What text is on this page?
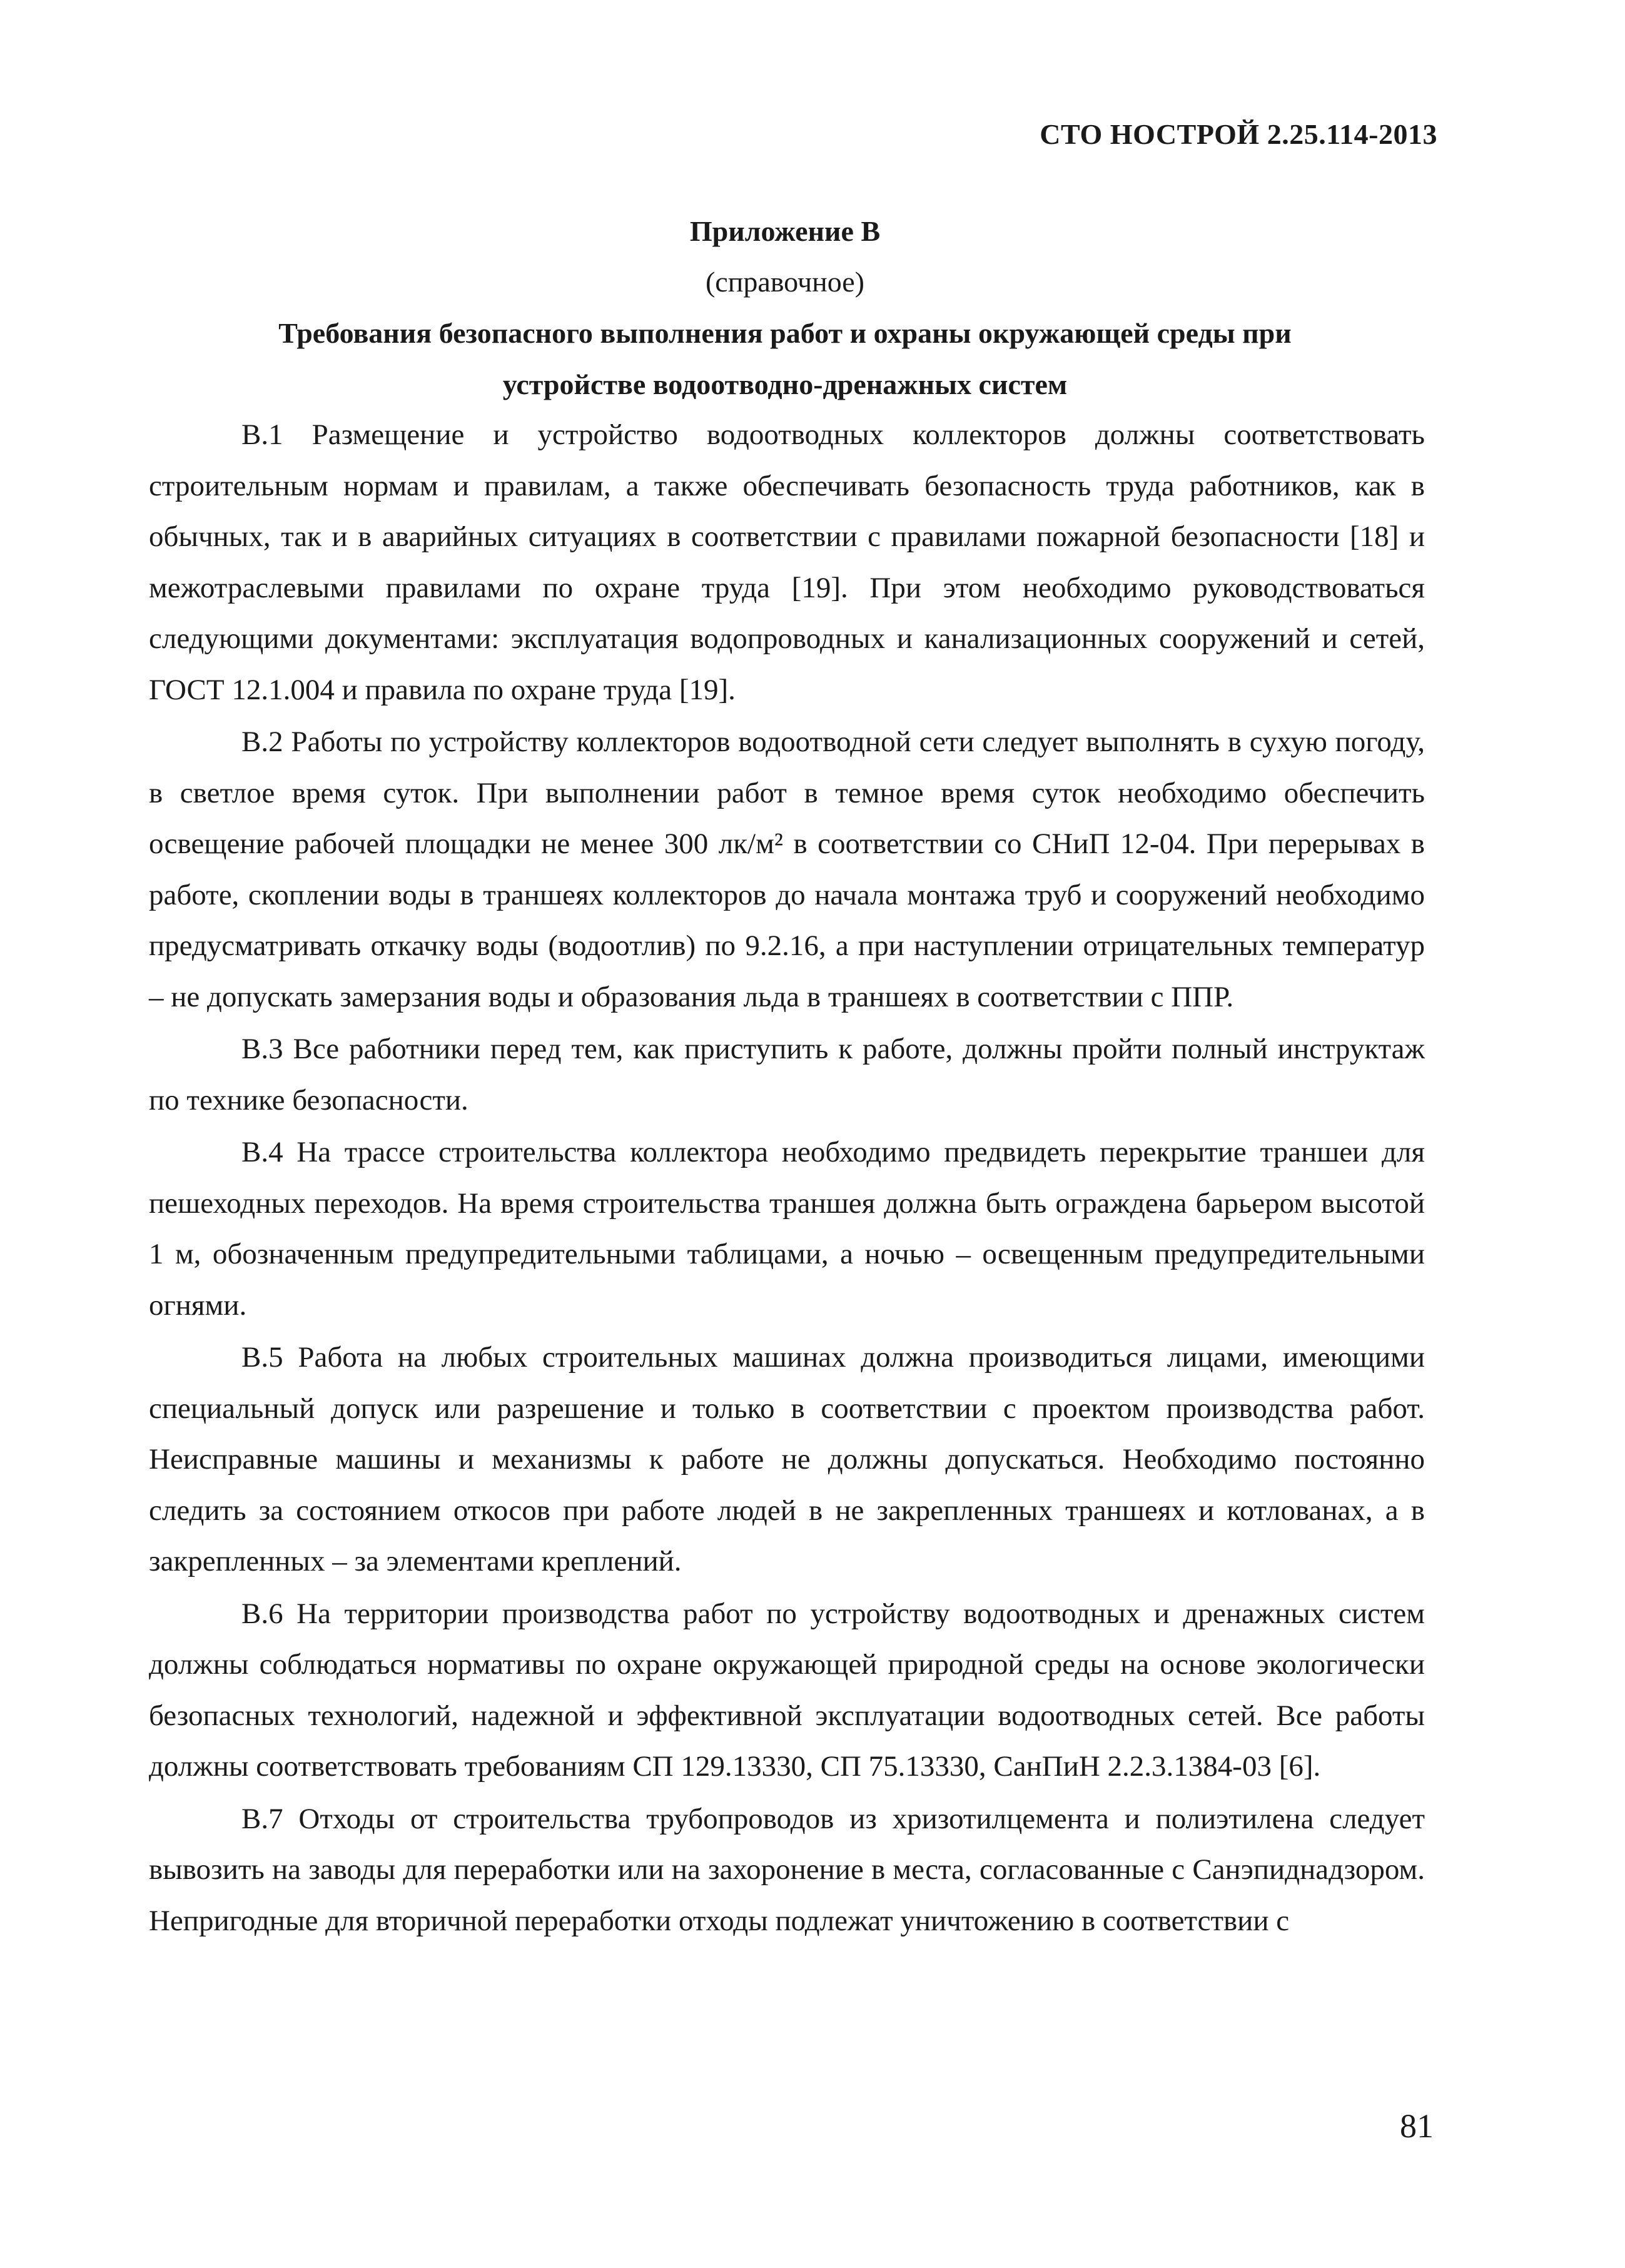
СТО НОСТРОЙ 2.25.114-2013
Приложение В
(справочное)
Требования безопасного выполнения работ и охраны окружающей среды при
устройстве водоотводно-дренажных систем

В.1 Размещение и устройство водоотводных коллекторов должны соответствовать строительным нормам и правилам, а также обеспечивать безопасность труда работников, как в обычных, так и в аварийных ситуациях в соответствии с правилами пожарной безопасности [18] и межотраслевыми правилами по охране труда [19]. При этом необходимо руководствоваться следующими документами: эксплуатация водопроводных и канализационных сооружений и сетей, ГОСТ 12.1.004 и правила по охране труда [19].

В.2 Работы по устройству коллекторов водоотводной сети следует выполнять в сухую погоду, в светлое время суток. При выполнении работ в темное время суток необходимо обеспечить освещение рабочей площадки не менее 300 лк/м² в соответствии со СНиП 12-04. При перерывах в работе, скоплении воды в траншеях коллекторов до начала монтажа труб и сооружений необходимо предусматривать откачку воды (водоотлив) по 9.2.16, а при наступлении отрицательных температур – не допускать замерзания воды и образования льда в траншеях в соответствии с ППР.

В.3 Все работники перед тем, как приступить к работе, должны пройти полный инструктаж по технике безопасности.

В.4 На трассе строительства коллектора необходимо предвидеть перекрытие траншеи для пешеходных переходов. На время строительства траншея должна быть ограждена барьером высотой 1 м, обозначенным предупредительными таблицами, а ночью – освещенным предупредительными огнями.

В.5 Работа на любых строительных машинах должна производиться лицами, имеющими специальный допуск или разрешение и только в соответствии с проектом производства работ. Неисправные машины и механизмы к работе не должны допускаться. Необходимо постоянно следить за состоянием откосов при работе людей в не закрепленных траншеях и котлованах, а в закрепленных – за элементами креплений.

В.6 На территории производства работ по устройству водоотводных и дренажных систем должны соблюдаться нормативы по охране окружающей природной среды на основе экологически безопасных технологий, надежной и эффективной эксплуатации водоотводных сетей. Все работы должны соответствовать требованиям СП 129.13330, СП 75.13330, СанПиН 2.2.3.1384-03 [6].

В.7 Отходы от строительства трубопроводов из хризотилцемента и полиэтилена следует вывозить на заводы для переработки или на захоронение в места, согласованные с Санэпиднадзором. Непригодные для вторичной переработки отходы подлежат уничтожению в соответствии с

81
